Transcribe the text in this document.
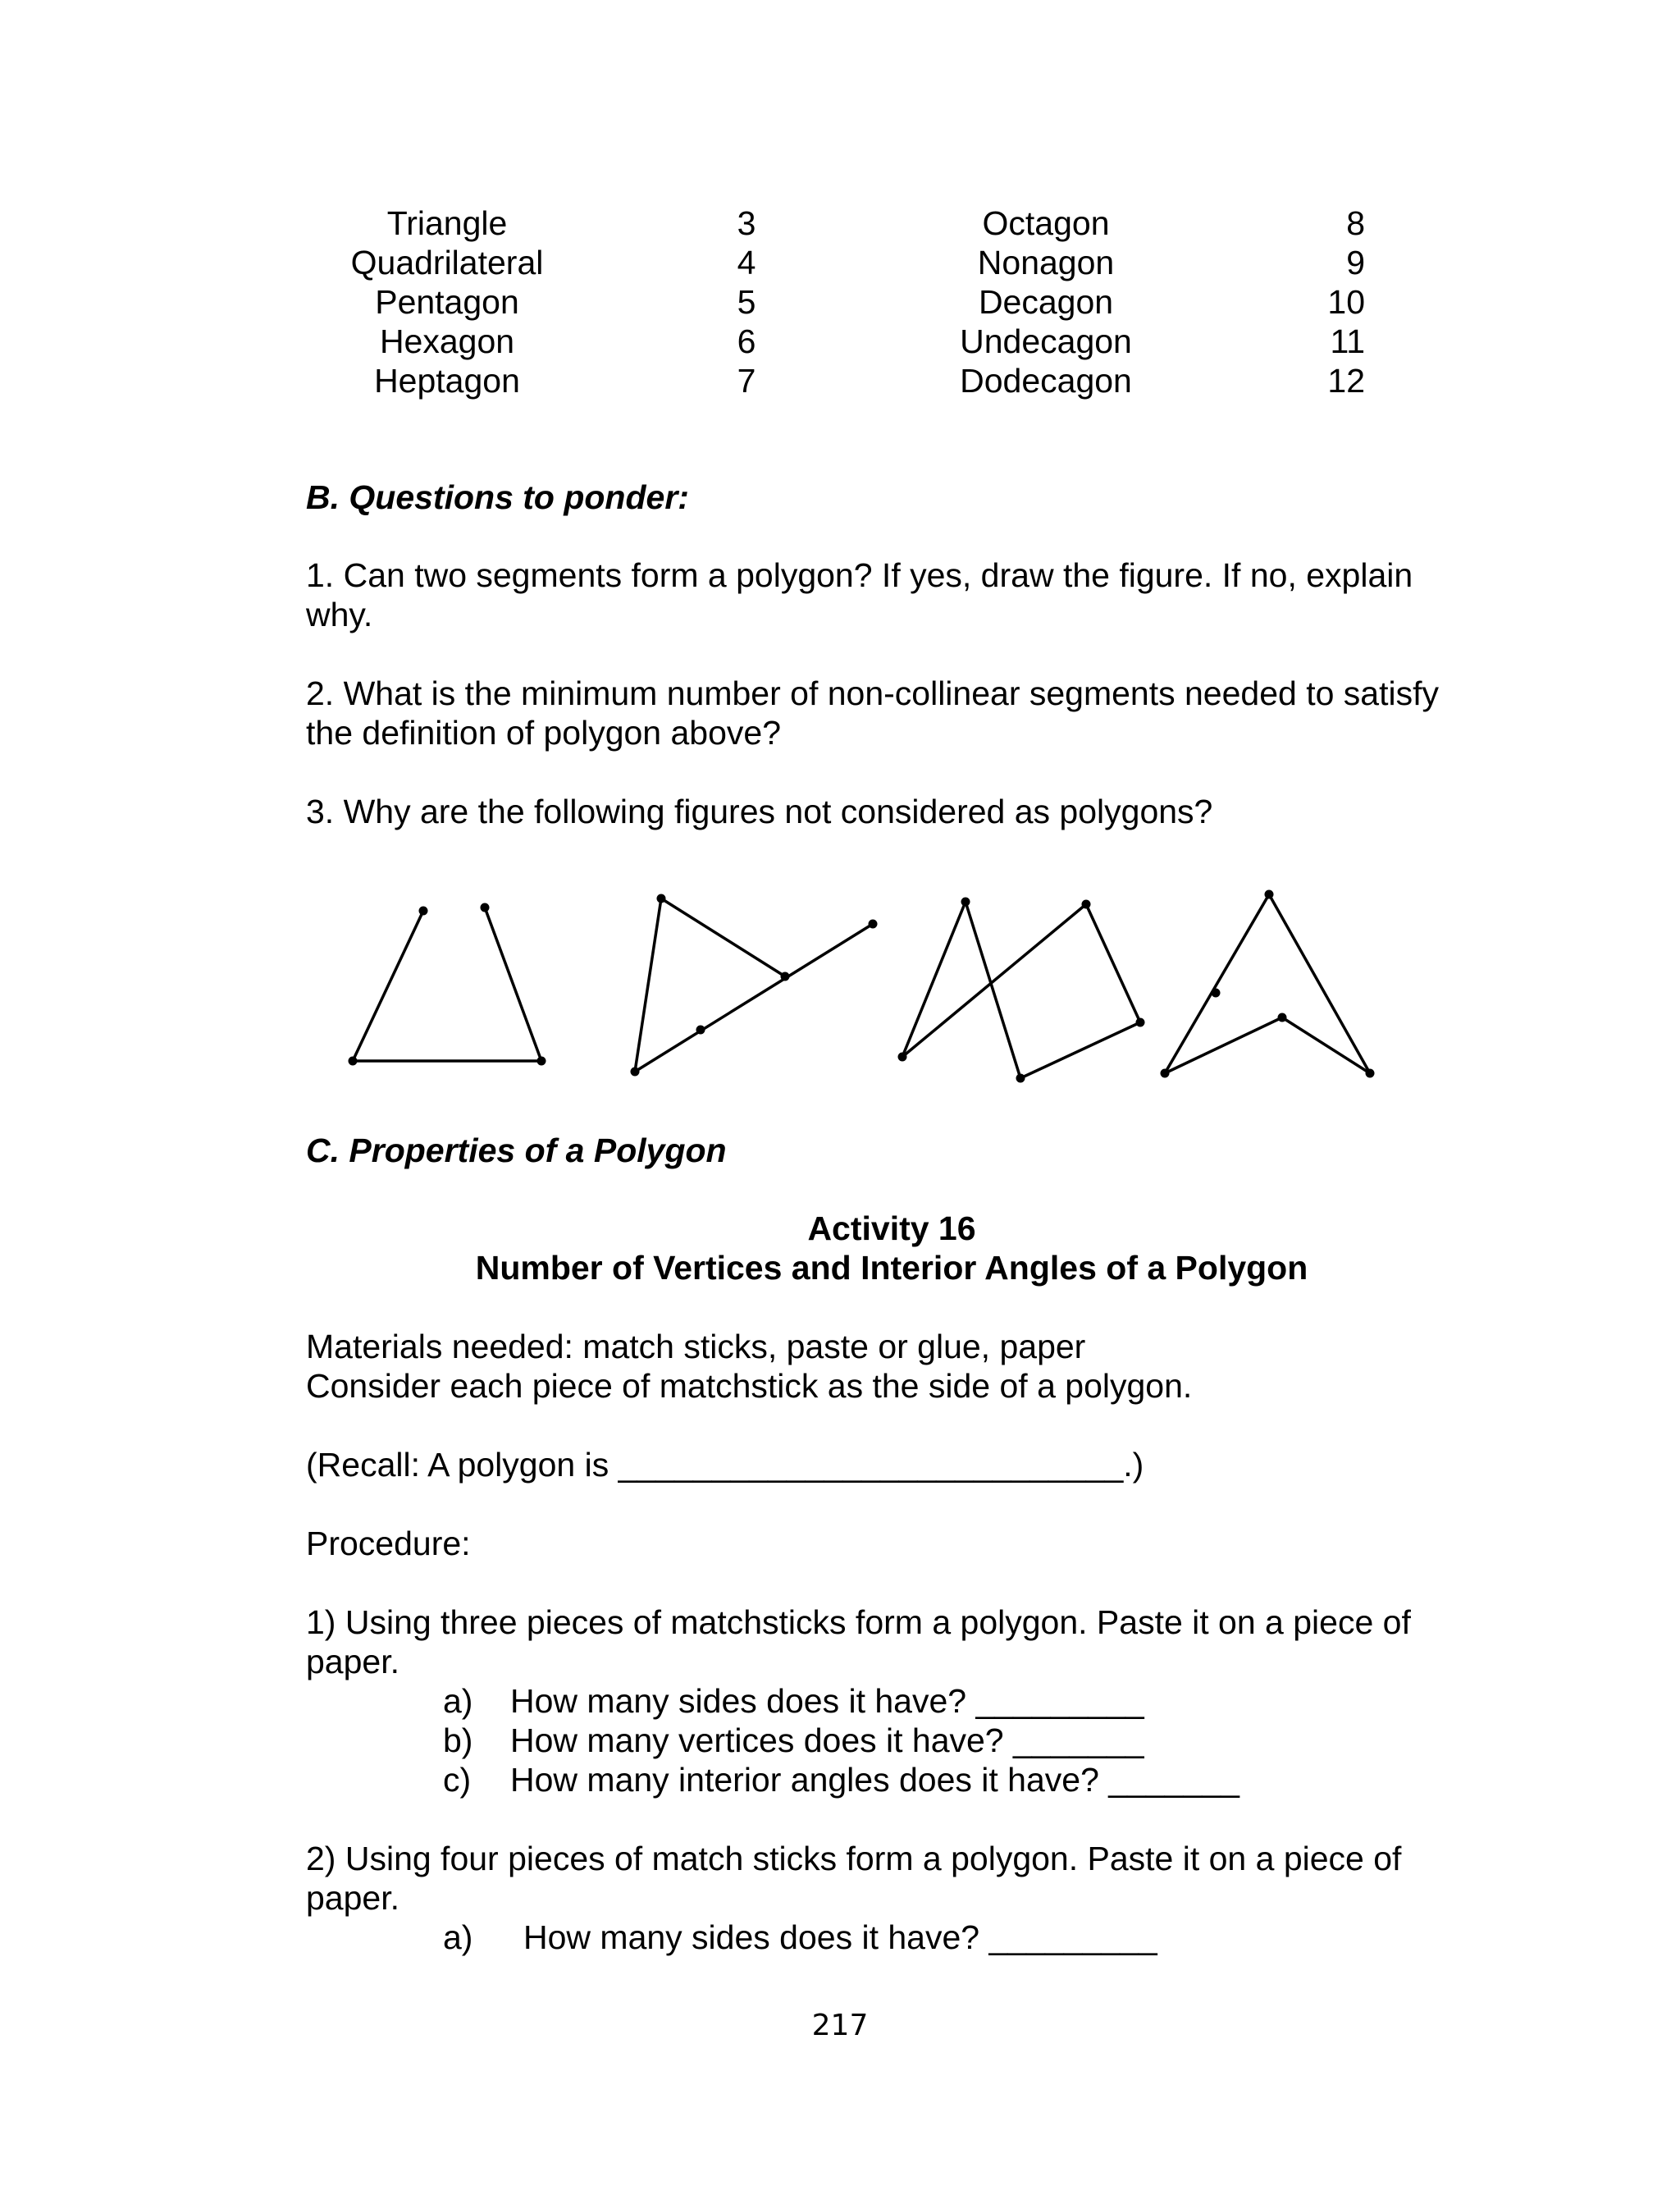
Triangle
Quadrilateral
Pentagon
Hexagon
Heptagon
3
4
5
6
7
Octagon
Nonagon
Decagon
Undecagon
Dodecagon
8
9
10
11
12
B. Questions to ponder:
1. Can two segments form a polygon? If yes, draw the figure. If no, explain
why.
2. What is the minimum number of non-collinear segments needed to satisfy
the definition of polygon above?
3. Why are the following figures not considered as polygons?
C. Properties of a Polygon
Activity 16
Number of Vertices and Interior Angles of a Polygon
Materials needed: match sticks, paste or glue, paper
Consider each piece of matchstick as the side of a polygon.
(Recall: A polygon is ___________________________.)
Procedure:
1) Using three pieces of matchsticks form a polygon. Paste it on a piece of
paper.
a) How many sides does it have? _________
b) How many vertices does it have? _______
c) How many interior angles does it have? _______
2) Using four pieces of match sticks form a polygon. Paste it on a piece of
paper.
a) How many sides does it have? _________
217
